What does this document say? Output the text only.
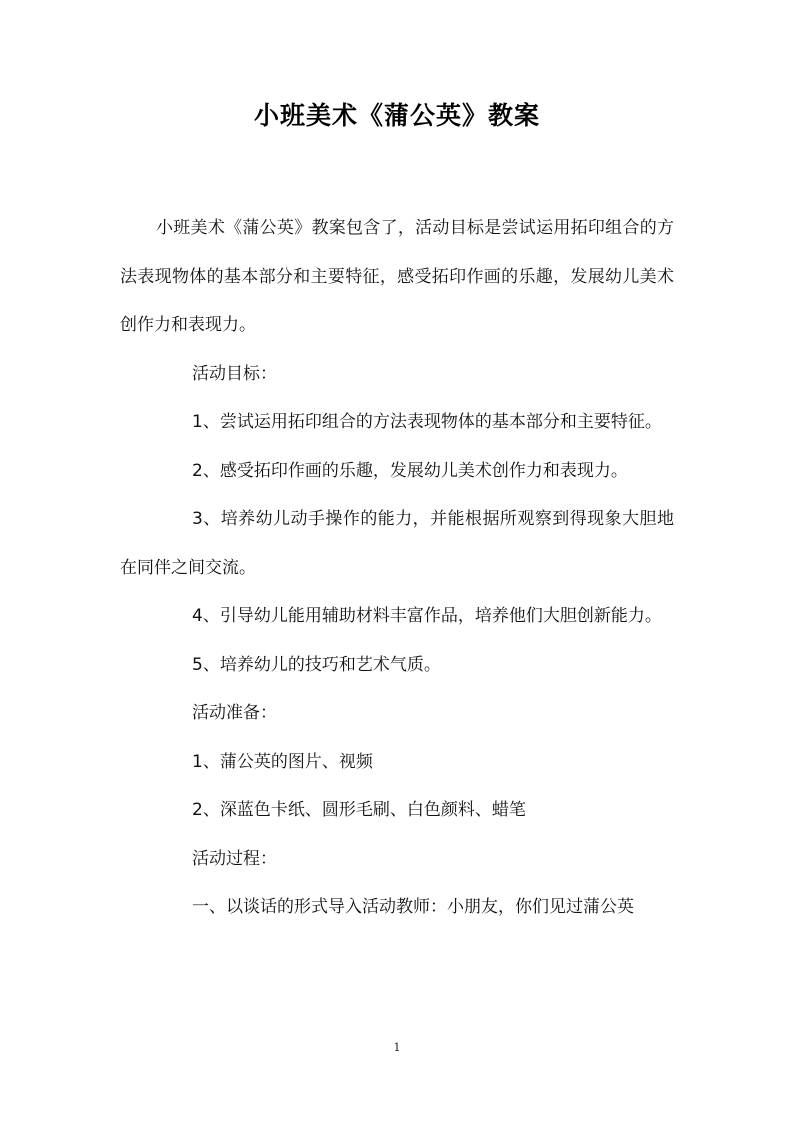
小班美术《蒲公英》教案

小班美术《蒲公英》教案包含了，活动目标是尝试运用拓印组合的方法表现物体的基本部分和主要特征，感受拓印作画的乐趣，发展幼儿美术创作力和表现力。

活动目标：

1、尝试运用拓印组合的方法表现物体的基本部分和主要特征。

2、感受拓印作画的乐趣，发展幼儿美术创作力和表现力。

3、培养幼儿动手操作的能力，并能根据所观察到得现象大胆地在同伴之间交流。

4、引导幼儿能用辅助材料丰富作品，培养他们大胆创新能力。

5、培养幼儿的技巧和艺术气质。

活动准备：

1、蒲公英的图片、视频

2、深蓝色卡纸、圆形毛刷、白色颜料、蜡笔

活动过程：

一、以谈话的形式导入活动教师：小朋友，你们见过蒲公英

1
